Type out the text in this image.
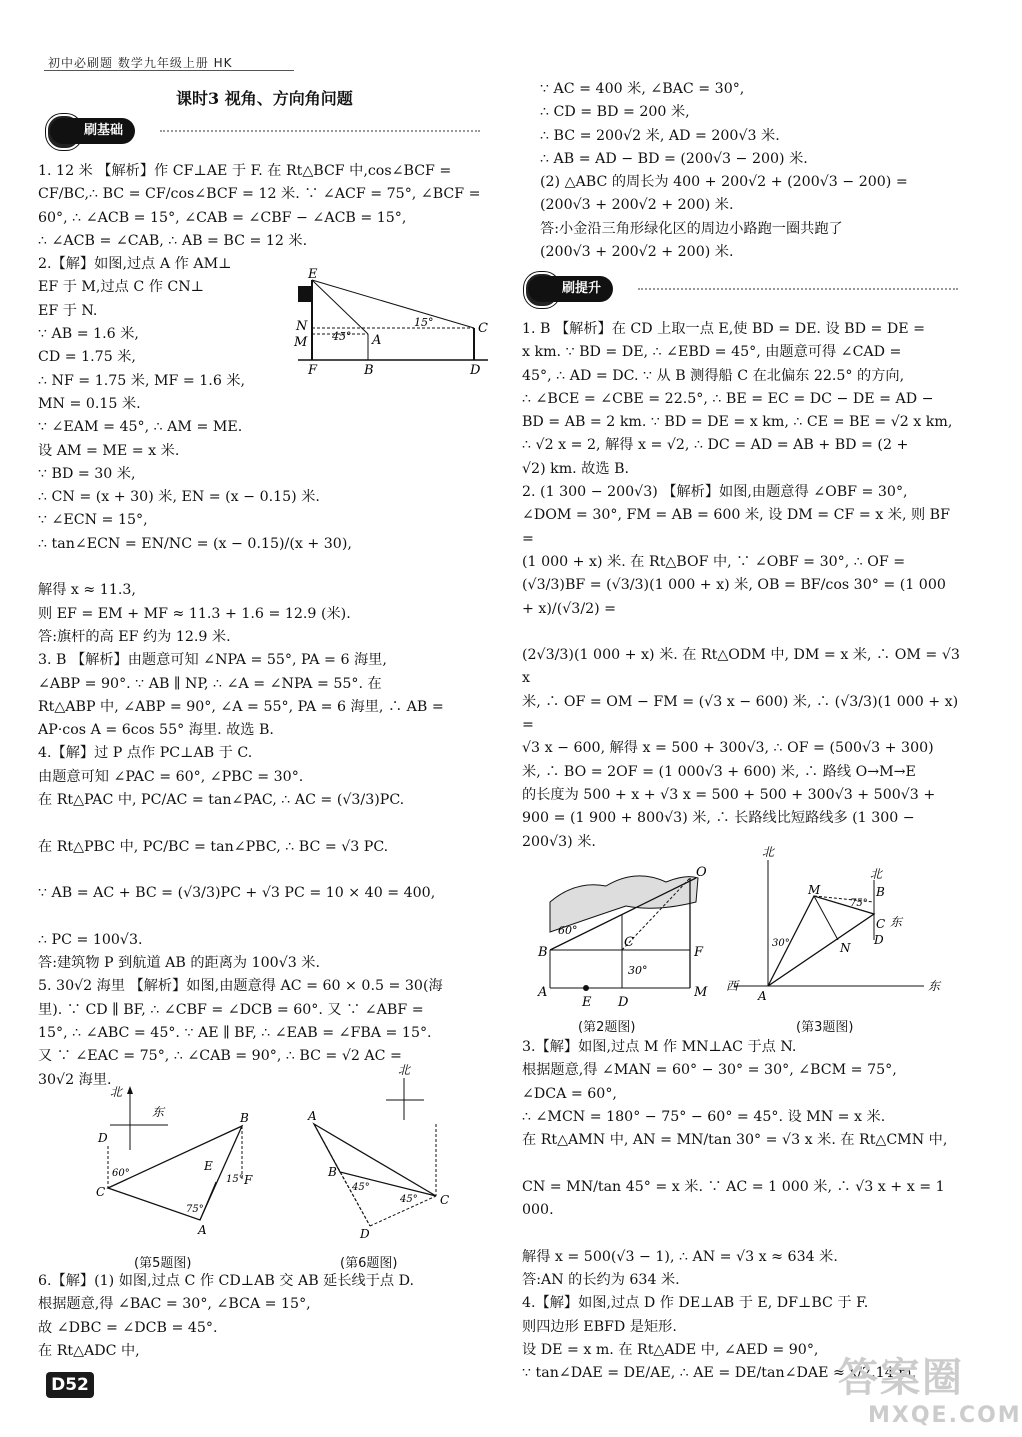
初中必刷题 数学九年级上册 HK
课时3 视角、方向角问题
刷基础

1. 12 米 【解析】作 CF⊥AE 于 F. 在 Rt△BCF 中,cos∠BCF =

CF/BC,∴ BC = CF/cos∠BCF = 12 米. ∵ ∠ACF = 75°, ∠BCF =

60°, ∴ ∠ACB = 15°, ∠CAB = ∠CBF − ∠ACB = 15°,

∴ ∠ACB = ∠CAB, ∴ AB = BC = 12 米.

2.【解】如图,过点 A 作 AM⊥

EF 于 M,过点 C 作 CN⊥

EF 于 N.

∵ AB = 1.6 米,

CD = 1.75 米,

∴ NF = 1.75 米, MF = 1.6 米,

MN = 0.15 米.

∵ ∠EAM = 45°, ∴ AM = ME.

设 AM = ME = x 米.

∵ BD = 30 米,

∴ CN = (x + 30) 米, EN = (x − 0.15) 米.

∵ ∠ECN = 15°,

∴ tan∠ECN = EN/NC = (x − 0.15)/(x + 30),

解得 x ≈ 11.3,

则 EF = EM + MF ≈ 11.3 + 1.6 = 12.9 (米).

答:旗杆的高 EF 约为 12.9 米.

3. B 【解析】由题意可知 ∠NPA = 55°, PA = 6 海里,

∠ABP = 90°. ∵ AB ∥ NP, ∴ ∠A = ∠NPA = 55°. 在

Rt△ABP 中, ∠ABP = 90°, ∠A = 55°, PA = 6 海里, ∴ AB =

AP·cos A = 6cos 55° 海里. 故选 B.

4.【解】过 P 点作 PC⊥AB 于 C.

由题意可知 ∠PAC = 60°, ∠PBC = 30°.

在 Rt△PAC 中, PC/AC = tan∠PAC, ∴ AC = (√3/3)PC.

在 Rt△PBC 中, PC/BC = tan∠PBC, ∴ BC = √3 PC.

∵ AB = AC + BC = (√3/3)PC + √3 PC = 10 × 40 = 400,

∴ PC = 100√3.

答:建筑物 P 到航道 AB 的距离为 100√3 米.

5. 30√2 海里 【解析】如图,由题意得 AC = 60 × 0.5 = 30(海

里). ∵ CD ∥ BF, ∴ ∠CBF = ∠DCB = 60°. 又 ∵ ∠ABF =

15°, ∴ ∠ABC = 45°. ∵ AE ∥ BF, ∴ ∠EAB = ∠FBA = 15°.

又 ∵ ∠EAC = 75°, ∴ ∠CAB = 90°, ∴ BC = √2 AC =

30√2 海里.

E
N
M
F	B
A
D
C
45°
15°
北
东
D
C
60°
E
B
F
15°
75°
A
(第5题图)
北
A
B
45°
45° C
D
(第6题图)

6.【解】(1) 如图,过点 C 作 CD⊥AB 交 AB 延长线于点 D.

根据题意,得 ∠BAC = 30°, ∠BCA = 15°,

故 ∠DBC = ∠DCB = 45°.

在 Rt△ADC 中,

∵ AC = 400 米, ∠BAC = 30°,

∴ CD = BD = 200 米,

∴ BC = 200√2 米, AD = 200√3 米.

∴ AB = AD − BD = (200√3 − 200) 米.

(2) △ABC 的周长为 400 + 200√2 + (200√3 − 200) =

(200√3 + 200√2 + 200) 米.

答:小金沿三角形绿化区的周边小路跑一圈共跑了

(200√3 + 200√2 + 200) 米.

刷提升

1. B 【解析】在 CD 上取一点 E,使 BD = DE. 设 BD = DE =

x km. ∵ BD = DE, ∴ ∠EBD = 45°, 由题意可得 ∠CAD =

45°, ∴ AD = DC. ∵ 从 B 测得船 C 在北偏东 22.5° 的方向,

∴ ∠BCE = ∠CBE = 22.5°, ∴ BE = EC = DC − DE = AD −

BD = AB = 2 km. ∵ BD = DE = x km, ∴ CE = BE = √2 x km,

∴ √2 x = 2, 解得 x = √2, ∴ DC = AD = AB + BD = (2 +

√2) km. 故选 B.

2. (1 300 − 200√3) 【解析】如图,由题意得 ∠OBF = 30°,

∠DOM = 30°, FM = AB = 600 米, 设 DM = CF = x 米, 则 BF =

(1 000 + x) 米. 在 Rt△BOF 中, ∵ ∠OBF = 30°, ∴ OF =

(√3/3)BF = (√3/3)(1 000 + x) 米, OB = BF/cos 30° = (1 000 + x)/(√3/2) =

(2√3/3)(1 000 + x) 米. 在 Rt△ODM 中, DM = x 米, ∴ OM = √3 x

米, ∴ OF = OM − FM = (√3 x − 600) 米, ∴ (√3/3)(1 000 + x) =

√3 x − 600, 解得 x = 500 + 300√3, ∴ OF = (500√3 + 300)

米, ∴ BO = 2OF = (1 000√3 + 600) 米, ∴ 路线 O→M→E

的长度为 500 + x + √3 x = 500 + 500 + 300√3 + 500√3 +

900 = (1 900 + 800√3) 米, ∴ 长路线比短路线多 (1 300 −

200√3) 米.

O
60°
B
C
F
30°
A
E D
M
(第2题图)
北
北
M
75°
B
东
C
D
30°	N
西
A
东
(第3题图)

3.【解】如图,过点 M 作 MN⊥AC 于点 N.

根据题意,得 ∠MAN = 60° − 30° = 30°, ∠BCM = 75°,

∠DCA = 60°,

∴ ∠MCN = 180° − 75° − 60° = 45°. 设 MN = x 米.

在 Rt△AMN 中, AN = MN/tan 30° = √3 x 米. 在 Rt△CMN 中,

CN = MN/tan 45° = x 米. ∵ AC = 1 000 米, ∴ √3 x + x = 1 000.

解得 x = 500(√3 − 1), ∴ AN = √3 x ≈ 634 米.

答:AN 的长约为 634 米.

4.【解】如图,过点 D 作 DE⊥AB 于 E, DF⊥BC 于 F.

则四边形 EBFD 是矩形.

设 DE = x m. 在 Rt△ADE 中, ∠AED = 90°,

∵ tan∠DAE = DE/AE, ∴ AE = DE/tan∠DAE ≈ x/2.14 m,

D52	答案圈
MXQE.COM
